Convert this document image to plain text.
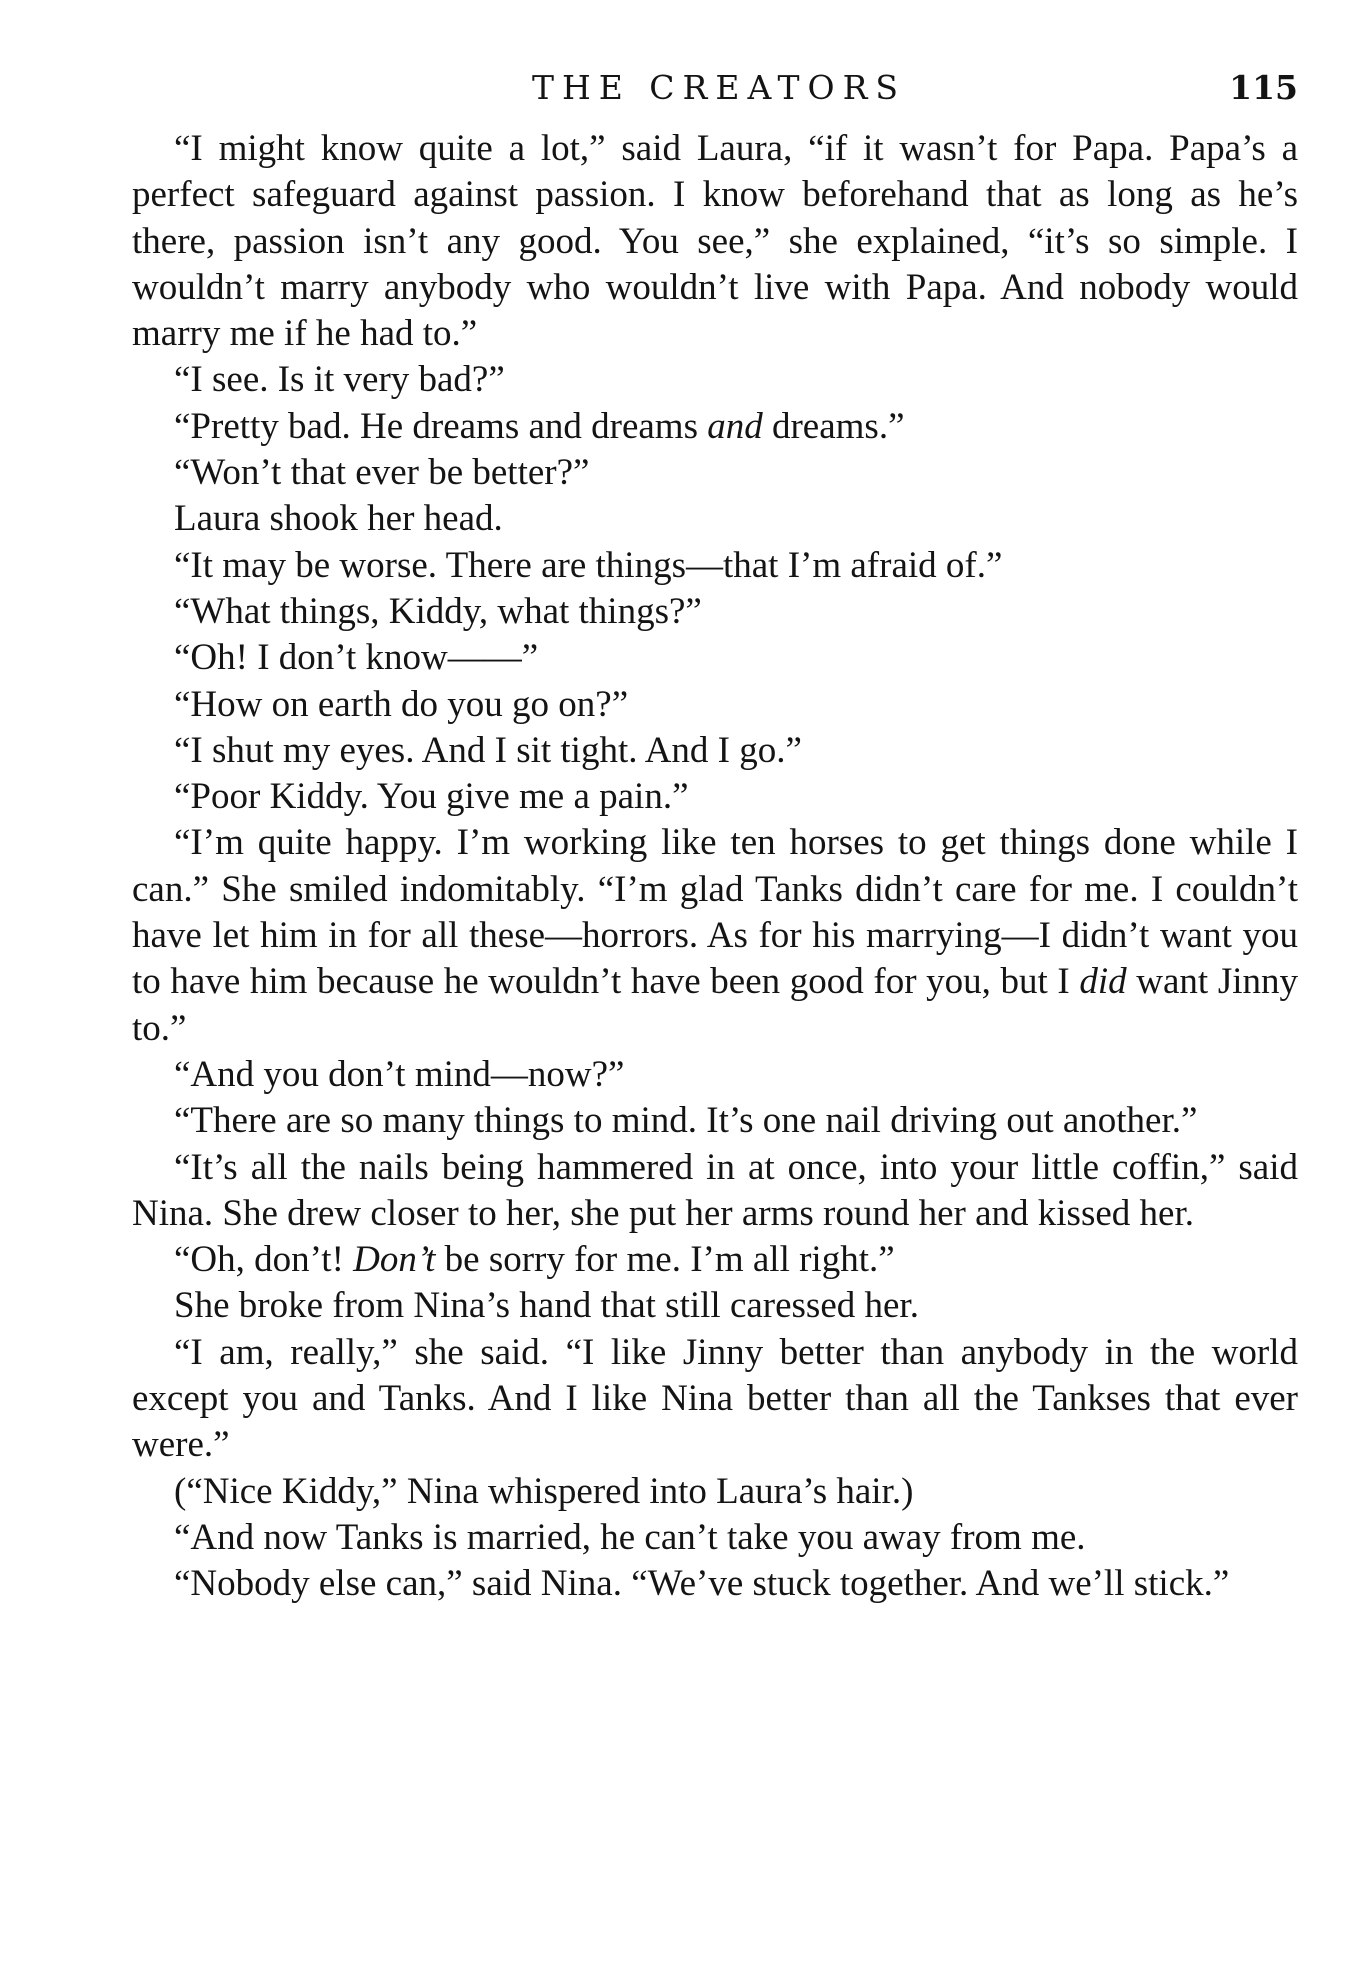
THE CREATORS	115

“I might know quite a lot,” said Laura, “if it wasn’t for Papa. Papa’s a perfect safeguard against passion. I know beforehand that as long as he’s there, passion isn’t any good. You see,” she explained, “it’s so simple. I wouldn’t marry anybody who wouldn’t live with Papa. And nobody would marry me if he had to.”

“I see. Is it very bad?”

“Pretty bad. He dreams and dreams and dreams.”

“Won’t that ever be better?”

Laura shook her head.

“It may be worse. There are things—that I’m afraid of.”

“What things, Kiddy, what things?”

“Oh! I don’t know——”

“How on earth do you go on?”

“I shut my eyes. And I sit tight. And I go.”

“Poor Kiddy. You give me a pain.”

“I’m quite happy. I’m working like ten horses to get things done while I can.” She smiled indomitably. “I’m glad Tanks didn’t care for me. I couldn’t have let him in for all these—horrors. As for his marrying—I didn’t want you to have him because he wouldn’t have been good for you, but I did want Jinny to.”

“And you don’t mind—now?”

“There are so many things to mind. It’s one nail driving out another.”

“It’s all the nails being hammered in at once, into your little coffin,” said Nina. She drew closer to her, she put her arms round her and kissed her.

“Oh, don’t! Don’t be sorry for me. I’m all right.”

She broke from Nina’s hand that still caressed her.

“I am, really,” she said. “I like Jinny better than anybody in the world except you and Tanks. And I like Nina better than all the Tankses that ever were.”

(“Nice Kiddy,” Nina whispered into Laura’s hair.)

“And now Tanks is married, he can’t take you away from me.

“Nobody else can,” said Nina. “We’ve stuck together. And we’ll stick.”
